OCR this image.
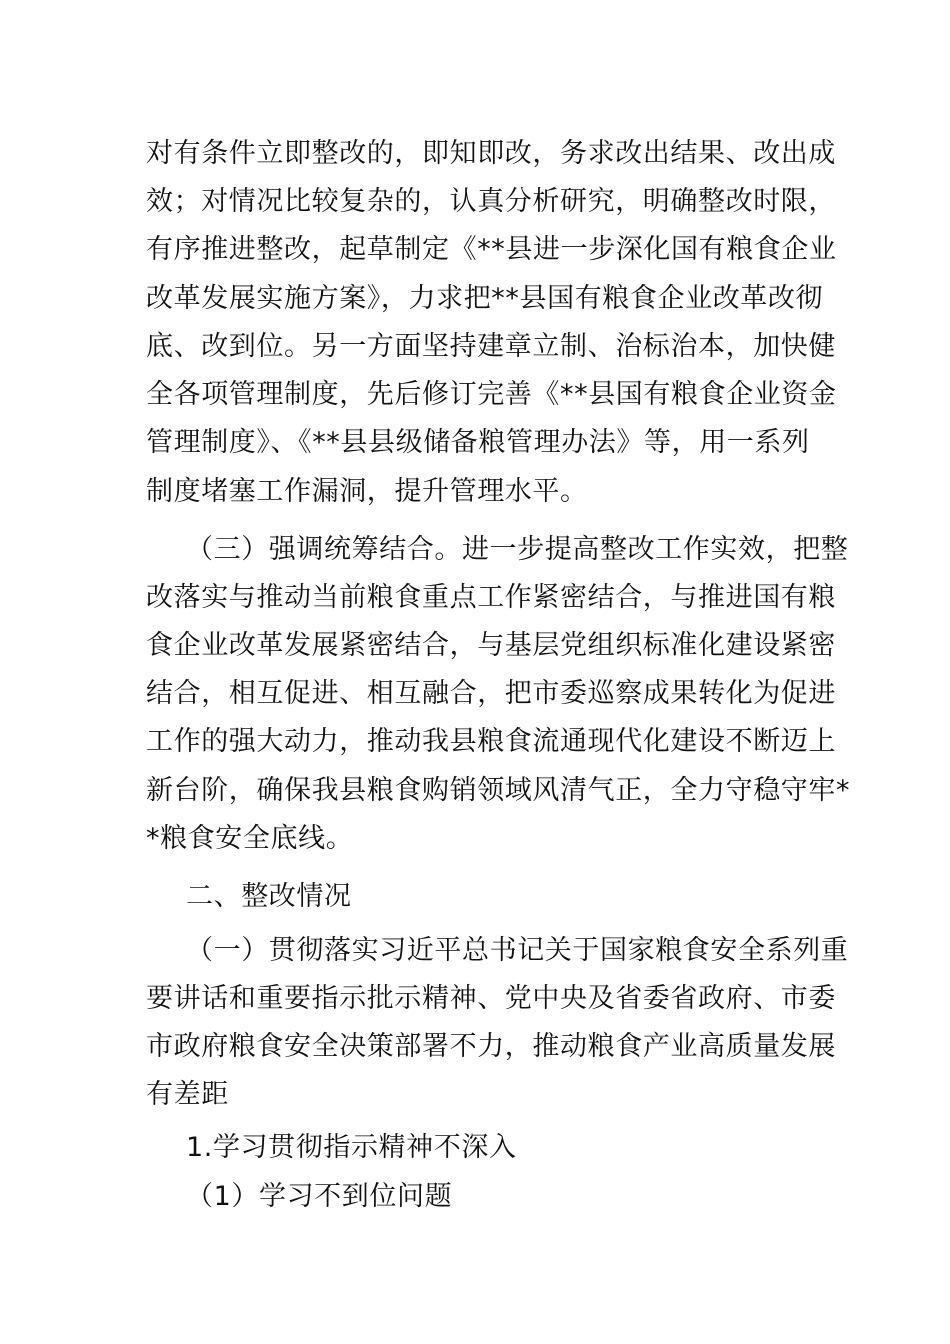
对有条件立即整改的，即知即改，务求改出结果、改出成
效；对情况比较复杂的，认真分析研究，明确整改时限，
有序推进整改，起草制定《**县进一步深化国有粮食企业
改革发展实施方案》，力求把**县国有粮食企业改革改彻
底、改到位。另一方面坚持建章立制、治标治本，加快健
全各项管理制度，先后修订完善《**县国有粮食企业资金
管理制度》、《**县县级储备粮管理办法》等，用一系列
制度堵塞工作漏洞，提升管理水平。
（三）强调统筹结合。进一步提高整改工作实效，把整
改落实与推动当前粮食重点工作紧密结合，与推进国有粮
食企业改革发展紧密结合，与基层党组织标准化建设紧密
结合，相互促进、相互融合，把市委巡察成果转化为促进
工作的强大动力，推动我县粮食流通现代化建设不断迈上
新台阶，确保我县粮食购销领域风清气正，全力守稳守牢*
*粮食安全底线。
二、整改情况
（一）贯彻落实习近平总书记关于国家粮食安全系列重
要讲话和重要指示批示精神、党中央及省委省政府、市委
市政府粮食安全决策部署不力，推动粮食产业高质量发展
有差距
1.学习贯彻指示精神不深入
（1）学习不到位问题
